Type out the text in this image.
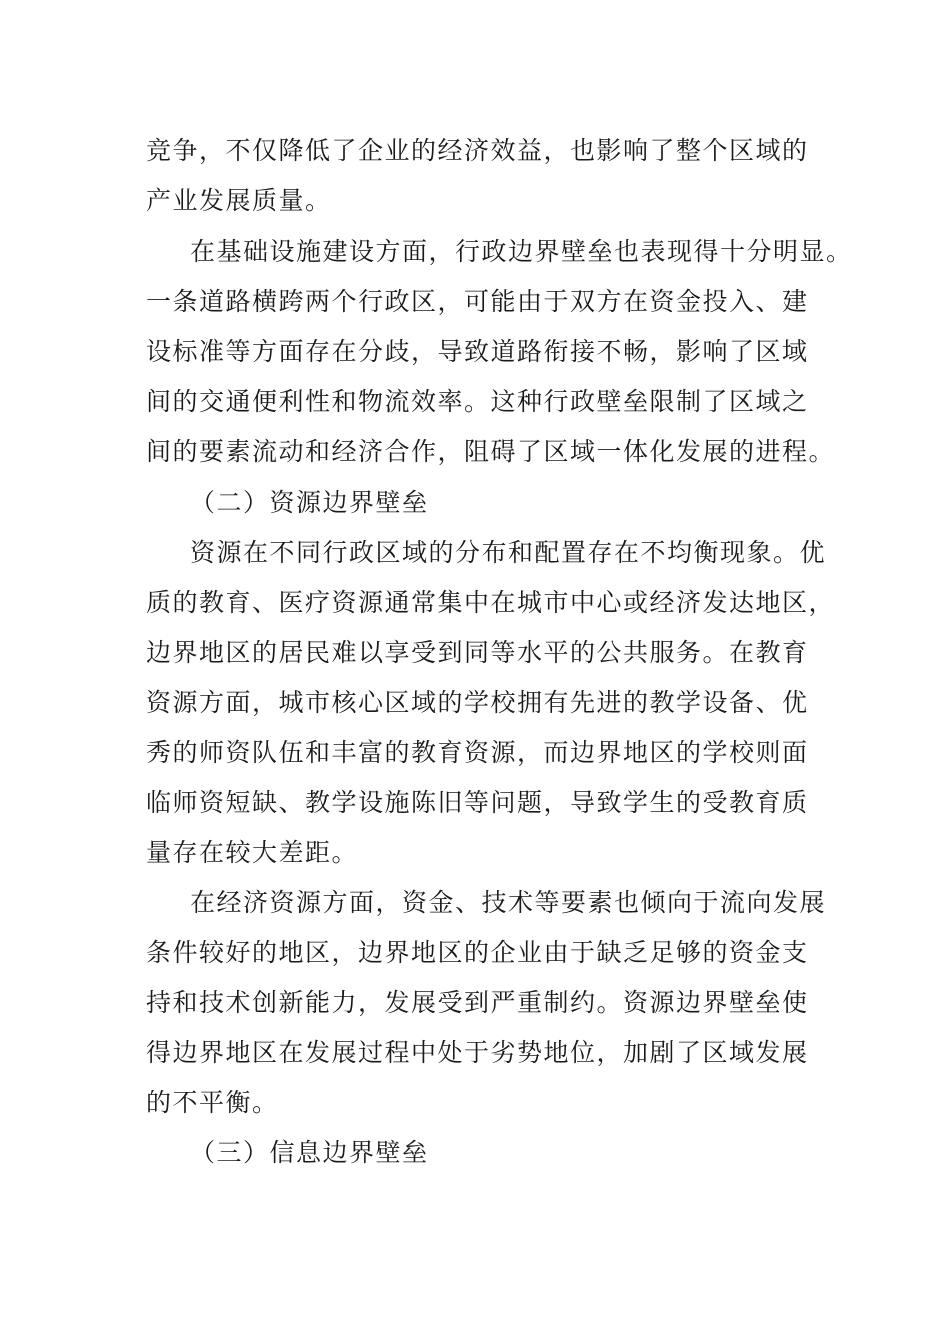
竞争，不仅降低了企业的经济效益，也影响了整个区域的
产业发展质量。
在基础设施建设方面，行政边界壁垒也表现得十分明显。
一条道路横跨两个行政区，可能由于双方在资金投入、建
设标准等方面存在分歧，导致道路衔接不畅，影响了区域
间的交通便利性和物流效率。这种行政壁垒限制了区域之
间的要素流动和经济合作，阻碍了区域一体化发展的进程。
（二）资源边界壁垒
资源在不同行政区域的分布和配置存在不均衡现象。优
质的教育、医疗资源通常集中在城市中心或经济发达地区，
边界地区的居民难以享受到同等水平的公共服务。在教育
资源方面，城市核心区域的学校拥有先进的教学设备、优
秀的师资队伍和丰富的教育资源，而边界地区的学校则面
临师资短缺、教学设施陈旧等问题，导致学生的受教育质
量存在较大差距。
在经济资源方面，资金、技术等要素也倾向于流向发展
条件较好的地区，边界地区的企业由于缺乏足够的资金支
持和技术创新能力，发展受到严重制约。资源边界壁垒使
得边界地区在发展过程中处于劣势地位，加剧了区域发展
的不平衡。
（三）信息边界壁垒
